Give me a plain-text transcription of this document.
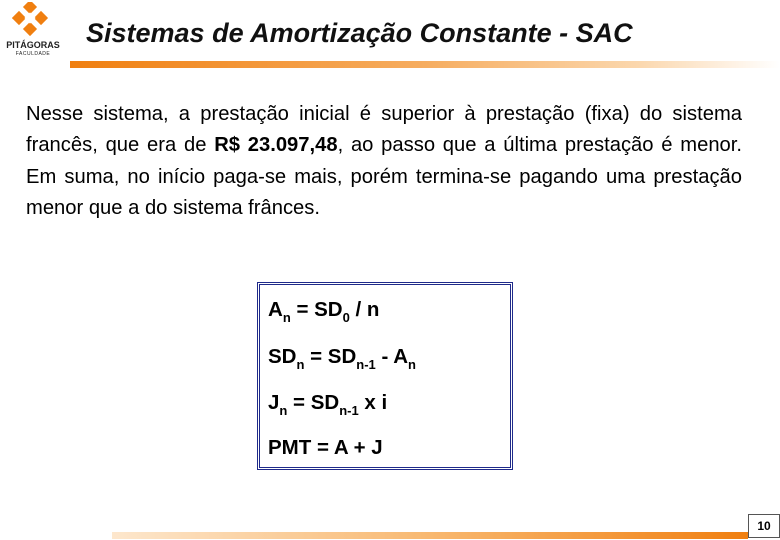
PITÁGORAS
FACULDADE
Sistemas de Amortização Constante - SAC
Nesse sistema, a prestação inicial é superior à prestação (fixa) do sistema francês, que era de R$ 23.097,48, ao passo que a última prestação é menor. Em suma, no início paga-se mais, porém termina-se pagando uma prestação menor que a do sistema frânces.
$A_n = SD_0 / n$
$SD_n = SD_{n-1} - A_n$
$J_n = SD_{n-1}$ x i
PMT = A + J
10
